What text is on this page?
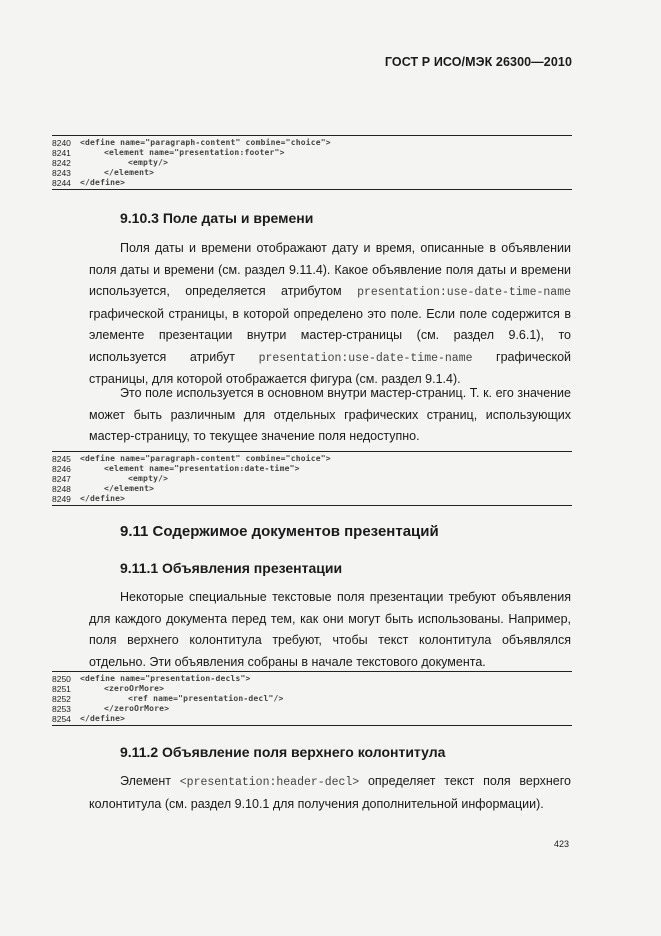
ГОСТ Р ИСО/МЭК 26300—2010
8240	<define name="paragraph-content" combine="choice">
8241	<element name="presentation:footer">
8242	<empty/>
8243	</element>
8244	</define>
9.10.3 Поле даты и времени

Поля даты и времени отображают дату и время, описанные в объявлении поля даты и времени (см. раздел 9.11.4). Какое объявление поля даты и времени используется, определяется атрибутом presentation:use-date-time-name графической страницы, в которой определено это поле. Если поле содержится в элементе презентации внутри мастер-страницы (см. раздел 9.6.1), то используется атрибут presentation:use-date-time-name графической страницы, для которой отображается фигура (см. раздел 9.1.4).

Это поле используется в основном внутри мастер-страниц. Т. к. его значение может быть различным для отдельных графических страниц, использующих мастер-страницу, то текущее значение поля недоступно.

8245	<define name="paragraph-content" combine="choice">
8246	<element name="presentation:date-time">
8247	<empty/>
8248	</element>
8249	</define>
9.11 Содержимое документов презентаций
9.11.1 Объявления презентации

Некоторые специальные текстовые поля презентации требуют объявления для каждого документа перед тем, как они могут быть использованы. Например, поля верхнего колонтитула требуют, чтобы текст колонтитула объявлялся отдельно. Эти объявления собраны в начале текстового документа.

8250	<define name="presentation-decls">
8251	<zeroOrMore>
8252	<ref name="presentation-decl"/>
8253	</zeroOrMore>
8254	</define>
9.11.2 Объявление поля верхнего колонтитула

Элемент <presentation:header-decl> определяет текст поля верхнего колонтитула (см. раздел 9.10.1 для получения дополнительной информации).

423
